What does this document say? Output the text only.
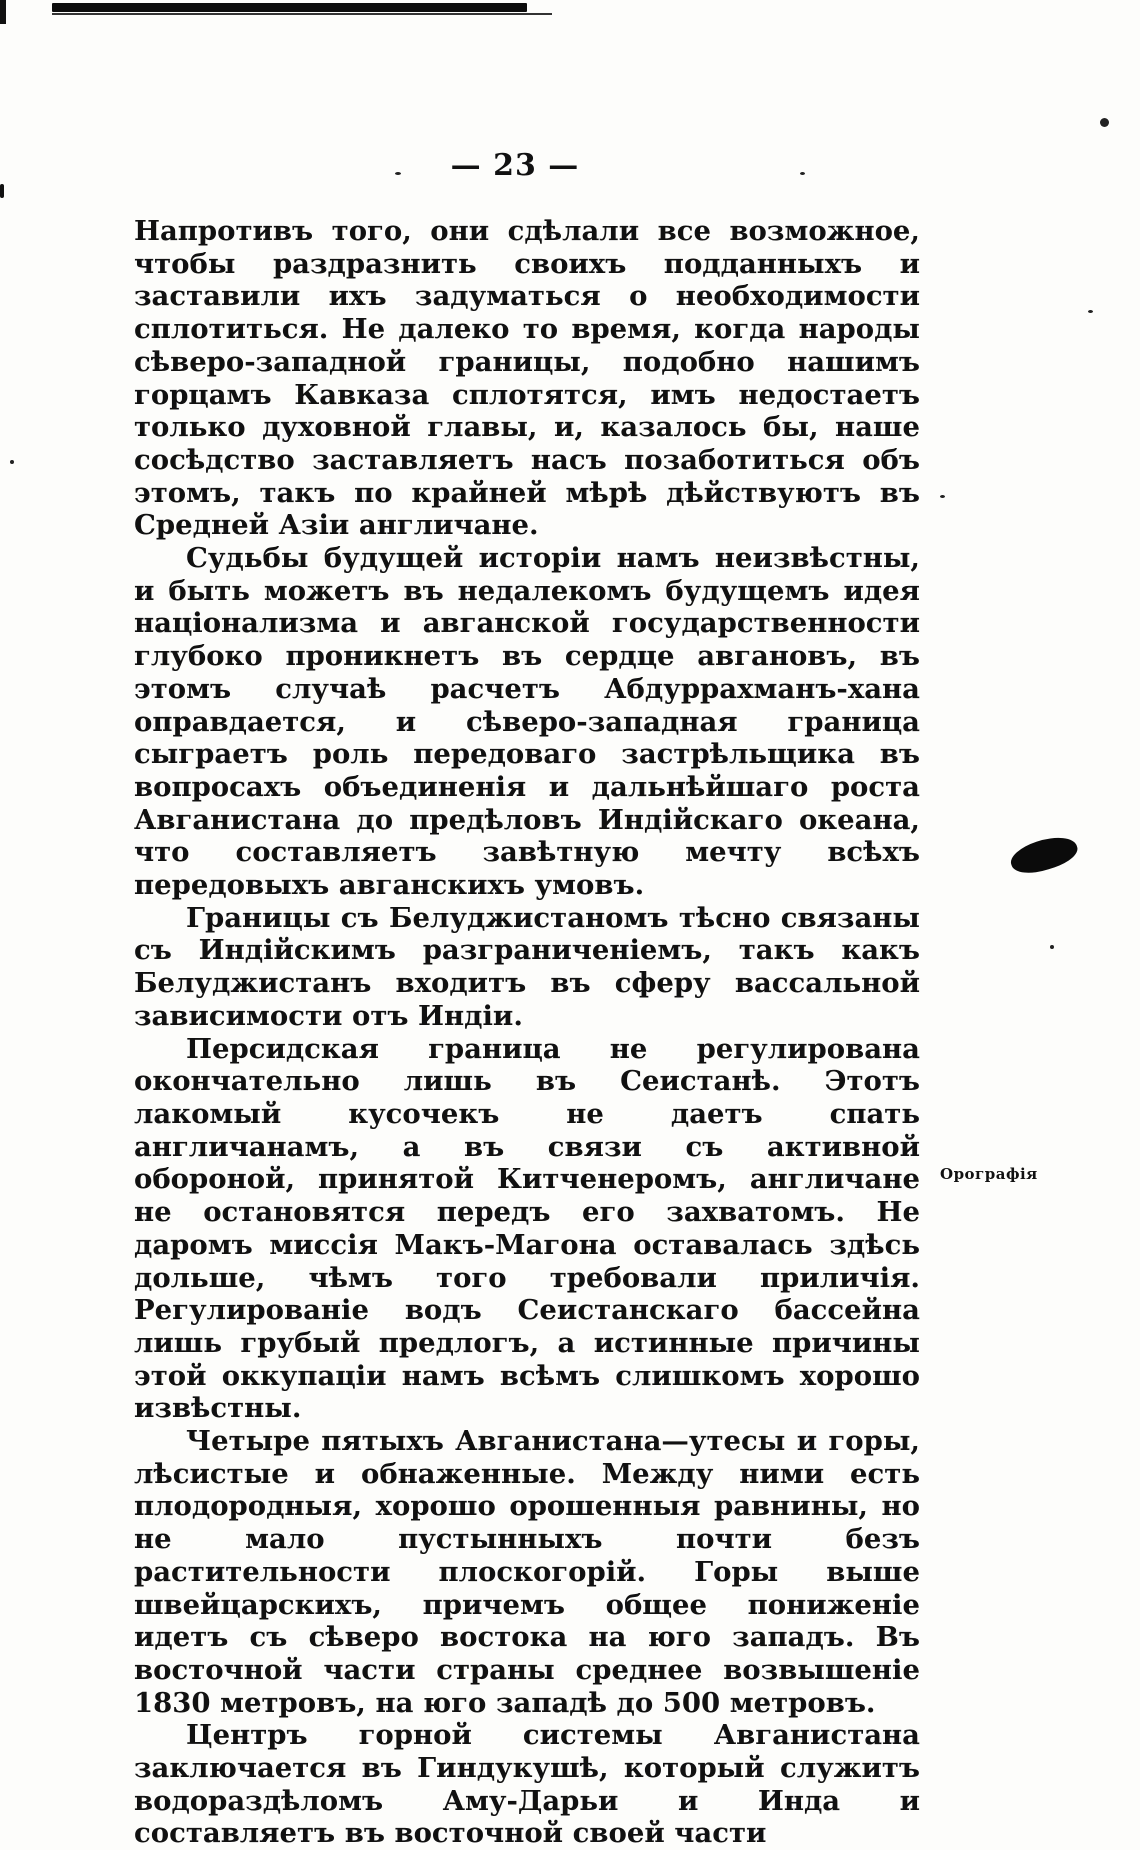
— 23 —

Напротивъ того, они сдѣлали все возможное, чтобы раздразнить своихъ подданныхъ и заставили ихъ задуматься о необходимости сплотиться. Не далеко то время, когда народы сѣверо-западной границы, подобно нашимъ горцамъ Кавказа сплотятся, имъ недостаетъ только духовной главы, и, казалось бы, наше сосѣдство заставляетъ насъ позаботиться объ этомъ, такъ по крайней мѣрѣ дѣйствуютъ въ Средней Азіи англичане.

Судьбы будущей исторіи намъ неизвѣстны, и быть можетъ въ недалекомъ будущемъ идея націонализма и авганской государственности глубоко проникнетъ въ сердце авгановъ, въ этомъ случаѣ расчетъ Абдуррахманъ-хана оправдается, и сѣверо-западная граница сыграетъ роль передоваго застрѣльщика въ вопросахъ объединенія и дальнѣйшаго роста Авганистана до предѣловъ Индійскаго океана, что составляетъ завѣтную мечту всѣхъ передовыхъ авганскихъ умовъ.

Границы съ Белуджистаномъ тѣсно связаны съ Индійскимъ разграниченіемъ, такъ какъ Белуджистанъ входитъ въ сферу вассальной зависимости отъ Индіи.

Персидская граница не регулирована окончательно лишь въ Сеистанѣ. Этотъ лакомый кусочекъ не даетъ спать англичанамъ, а въ связи съ активной обороной, принятой Китченеромъ, англичане не остановятся передъ его захватомъ. Не даромъ миссія Макъ-Магона оставалась здѣсь дольше, чѣмъ того требовали приличія. Регулированіе водъ Сеистанскаго бассейна лишь грубый предлогъ, а истинные причины этой оккупаціи намъ всѣмъ слишкомъ хорошо извѣстны.

Четыре пятыхъ Авганистана—утесы и горы, лѣсистые и обнаженные. Между ними есть плодородныя, хорошо орошенныя равнины, но не мало пустынныхъ почти безъ растительности плоскогорій. Горы выше швейцарскихъ, причемъ общее пониженіе идетъ съ сѣверо востока на юго западъ. Въ восточной части страны среднее возвышеніе 1830 метровъ, на юго западѣ до 500 метровъ.

Центръ горной системы Авганистана заключается въ Гиндукушѣ, который служитъ водораздѣломъ Аму-Дарьи и Инда и составляетъ въ восточной своей части

Орографія
